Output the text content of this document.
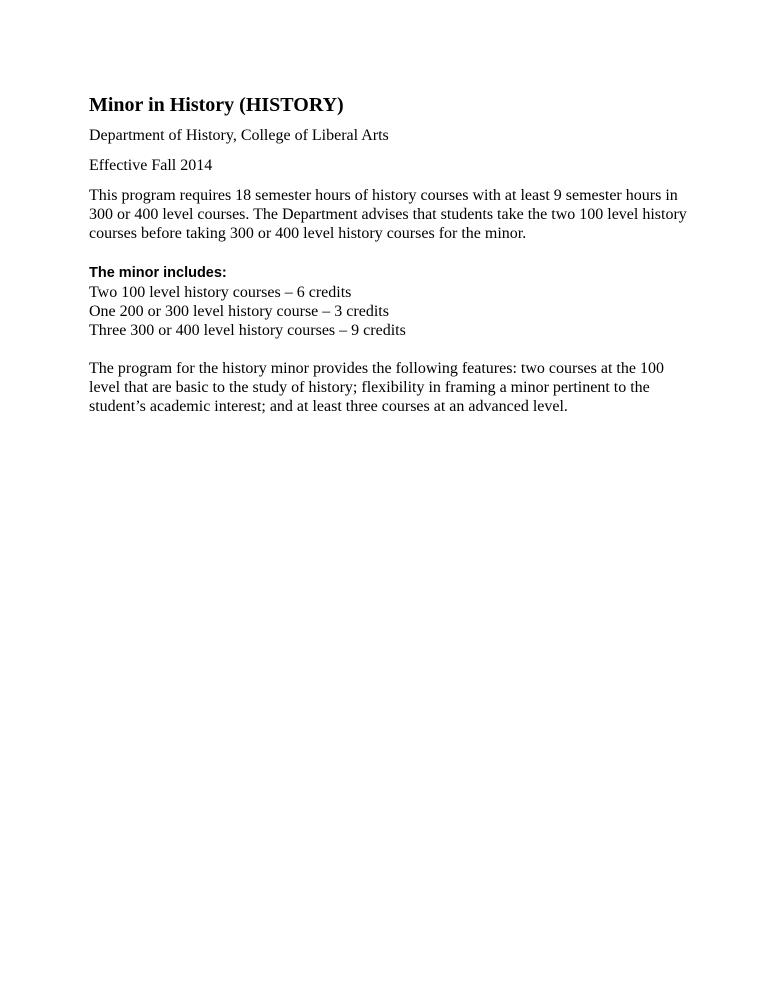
Minor in History (HISTORY)

Department of History, College of Liberal Arts

Effective Fall 2014

This program requires 18 semester hours of history courses with at least 9 semester hours in 300 or 400 level courses. The Department advises that students take the two 100 level history courses before taking 300 or 400 level history courses for the minor.

The minor includes:

Two 100 level history courses – 6 credits
One 200 or 300 level history course – 3 credits
Three 300 or 400 level history courses – 9 credits

The program for the history minor provides the following features: two courses at the 100 level that are basic to the study of history; flexibility in framing a minor pertinent to the student’s academic interest; and at least three courses at an advanced level.
